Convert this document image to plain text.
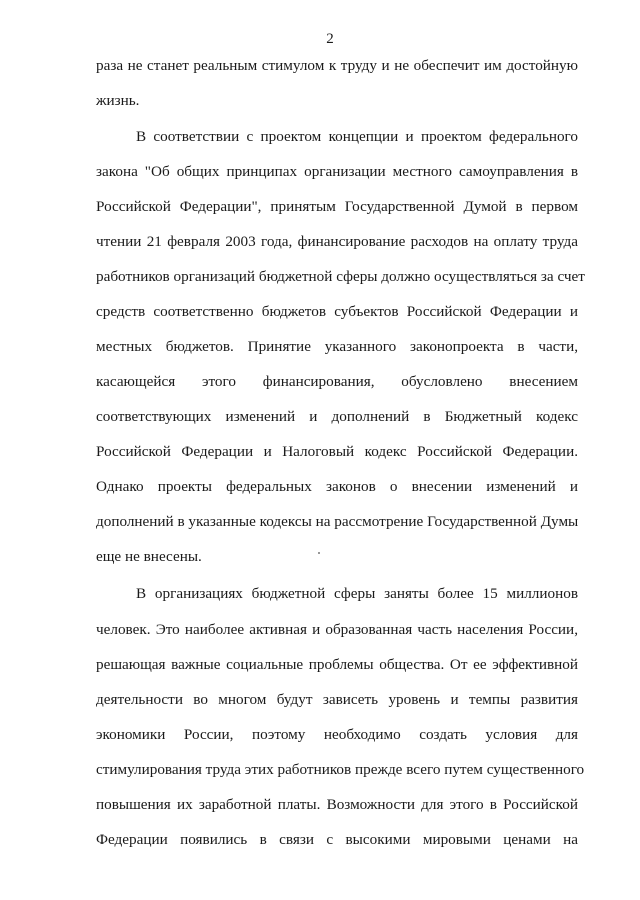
2
раза не станет реальным стимулом к труду и не обеспечит им достойную
жизнь.
В соответствии с проектом концепции и проектом федерального
закона "Об общих принципах организации местного самоуправления в
Российской Федерации", принятым Государственной Думой в первом
чтении 21 февраля 2003 года, финансирование расходов на оплату труда
работников организаций бюджетной сферы должно осуществляться за счет
средств соответственно бюджетов субъектов Российской Федерации и
местных бюджетов. Принятие указанного законопроекта в части,
касающейся этого финансирования, обусловлено внесением
соответствующих изменений и дополнений в Бюджетный кодекс
Российской Федерации и Налоговый кодекс Российской Федерации.
Однако проекты федеральных законов о внесении изменений и
дополнений в указанные кодексы на рассмотрение Государственной Думы
еще не внесены.
В организациях бюджетной сферы заняты более 15 миллионов
человек. Это наиболее активная и образованная часть населения России,
решающая важные социальные проблемы общества. От ее эффективной
деятельности во многом будут зависеть уровень и темпы развития
экономики России, поэтому необходимо создать условия для
стимулирования труда этих работников прежде всего путем существенного
повышения их заработной платы. Возможности для этого в Российской
Федерации появились в связи с высокими мировыми ценами на
